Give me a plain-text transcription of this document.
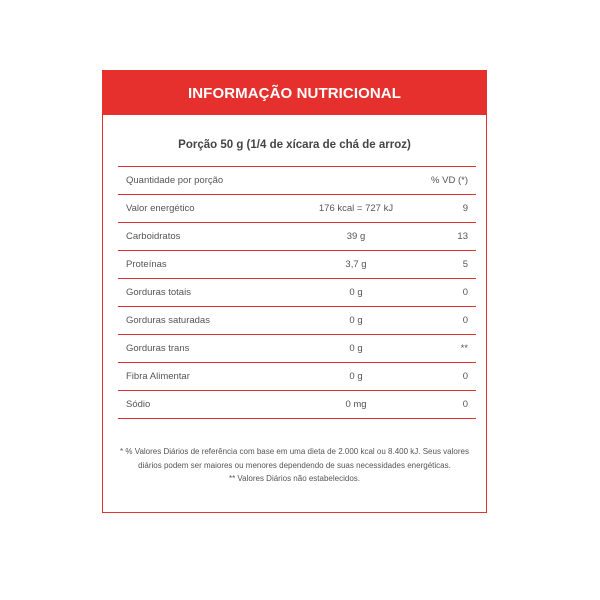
INFORMAÇÃO NUTRICIONAL
Porção 50 g (1/4 de xícara de chá de arroz)
Quantidade por porção		% VD (*)
Valor energético	176 kcal = 727 kJ	9
Carboidratos	39 g	13
Proteínas	3,7 g	5
Gorduras totais	0 g	0
Gorduras saturadas	0 g	0
Gorduras trans	0 g	**
Fibra Alimentar	0 g	0
Sódio	0 mg	0

* % Valores Diários de referência com base em uma dieta de 2.000 kcal ou 8.400 kJ. Seus valores diários podem ser maiores ou menores dependendo de suas necessidades energéticas.

** Valores Diários não estabelecidos.
